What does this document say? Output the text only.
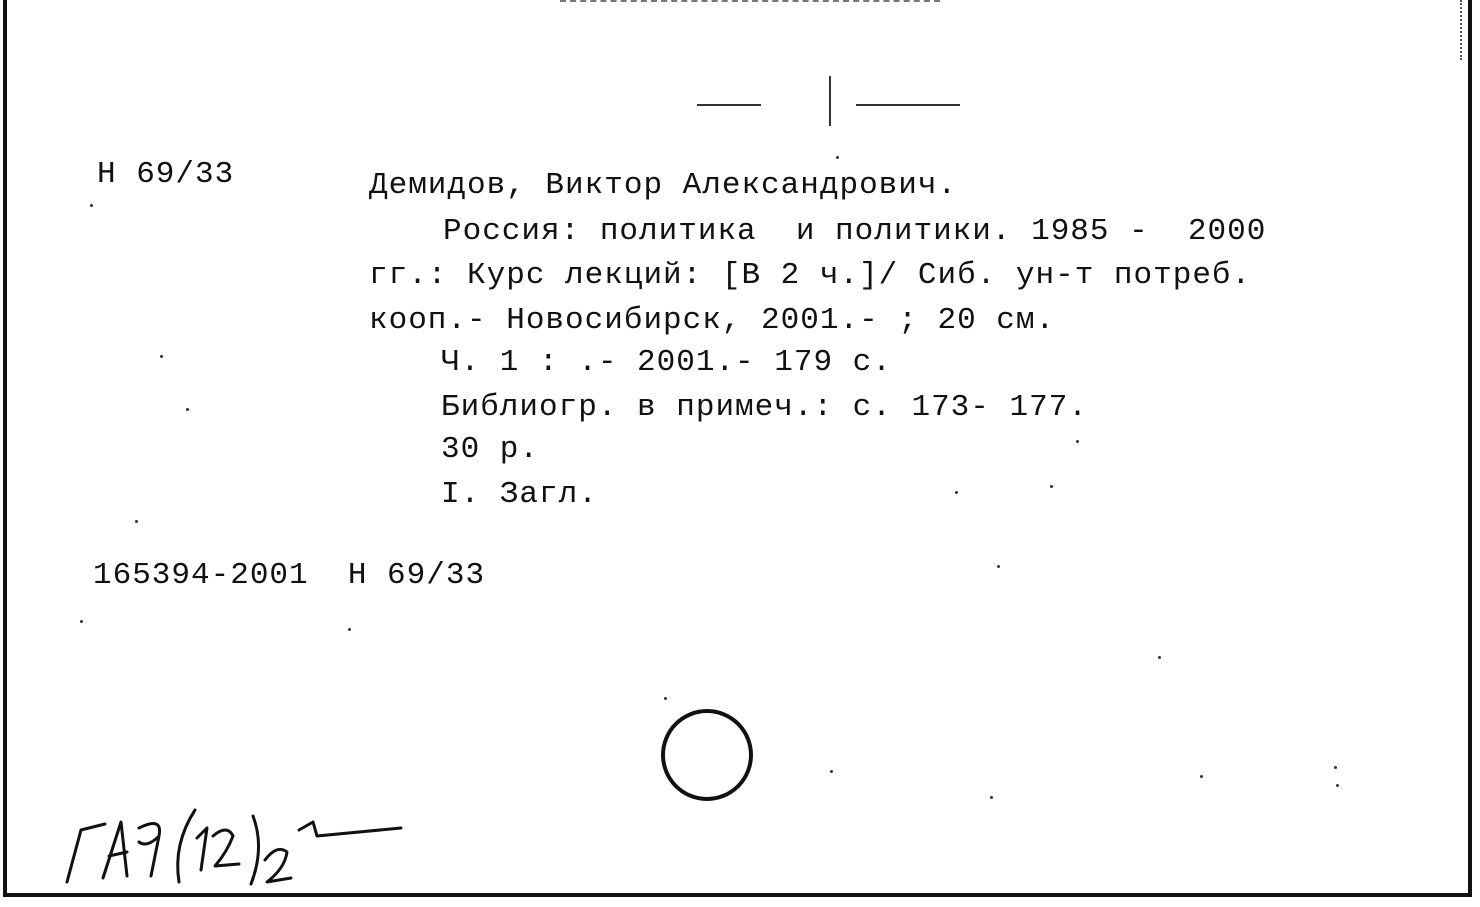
Н 69/33	Демидов, Виктор Александрович.
Россия: политика  и политики. 1985 -  2000
гг.: Курс лекций: [В 2 ч.]/ Сиб. ун-т потреб.
кооп.- Новосибирск, 2001.- ; 20 см.
Ч. 1 : .- 2001.- 179 с.
Библиогр. в примеч.: с. 173- 177.
30 р.
I. Загл.
165394-2001  Н 69/33
